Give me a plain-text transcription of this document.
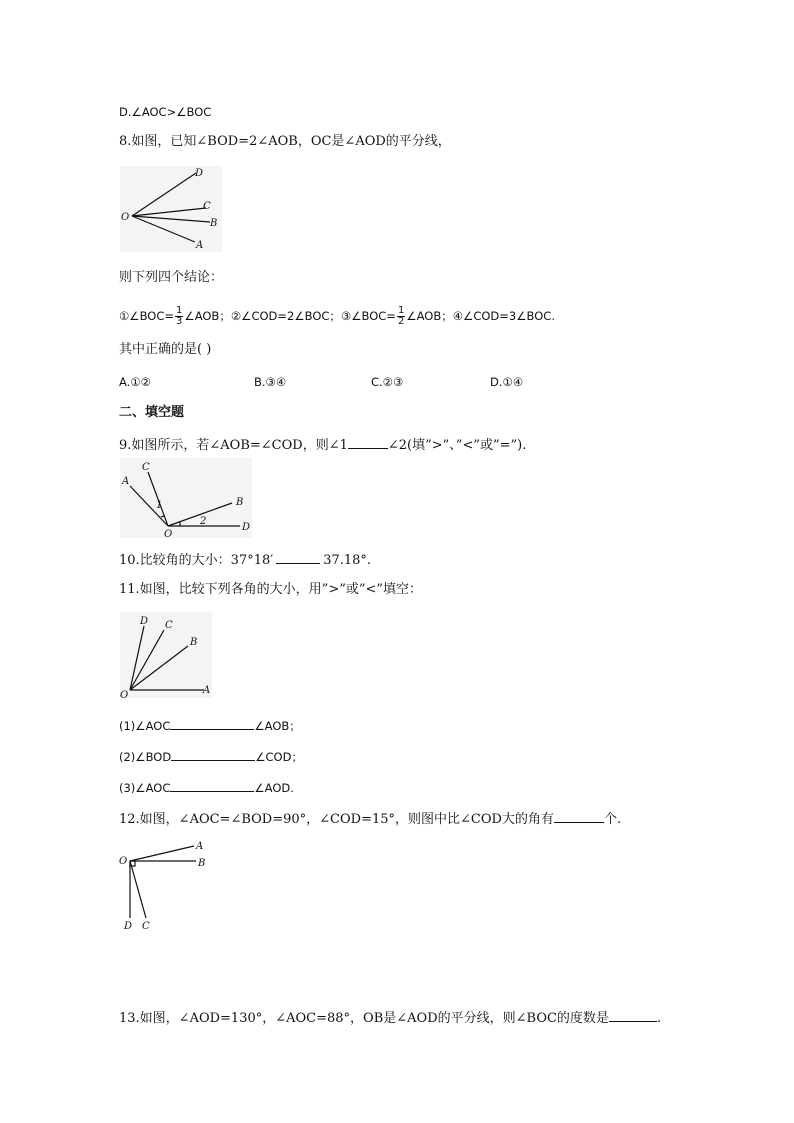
D.∠AOC>∠BOC
8.如图，已知∠BOD=2∠AOB，OC是∠AOD的平分线，
O
D
C
B
A
则下列四个结论：
①∠BOC= $\frac{1}{3}$ ∠AOB；②∠COD=2∠BOC；③∠BOC= $\frac{1}{2}$ ∠AOB；④∠COD=3∠BOC.
其中正确的是( )
A.①②	B.③④	C.②③	D.①④
二、填空题
9.如图所示，若∠AOB=∠COD，则∠1	∠2(填”>”、”<”或”=”).
A
C
B
D
O
1
2
10.比较角的大小：37°18′	37.18°.
11.如图，比较下列各角的大小，用”>”或”<”填空：
D C
B
O	A
(1)∠AOC	∠AOB；
(2)∠BOD	∠COD；
(3)∠AOC	∠AOD.
12.如图，∠AOC=∠BOD=90°，∠COD=15°，则图中比∠COD大的角有	个.
O
A
B
D C
13.如图，∠AOD=130°，∠AOC=88°，OB是∠AOD的平分线，则∠BOC的度数是	.
